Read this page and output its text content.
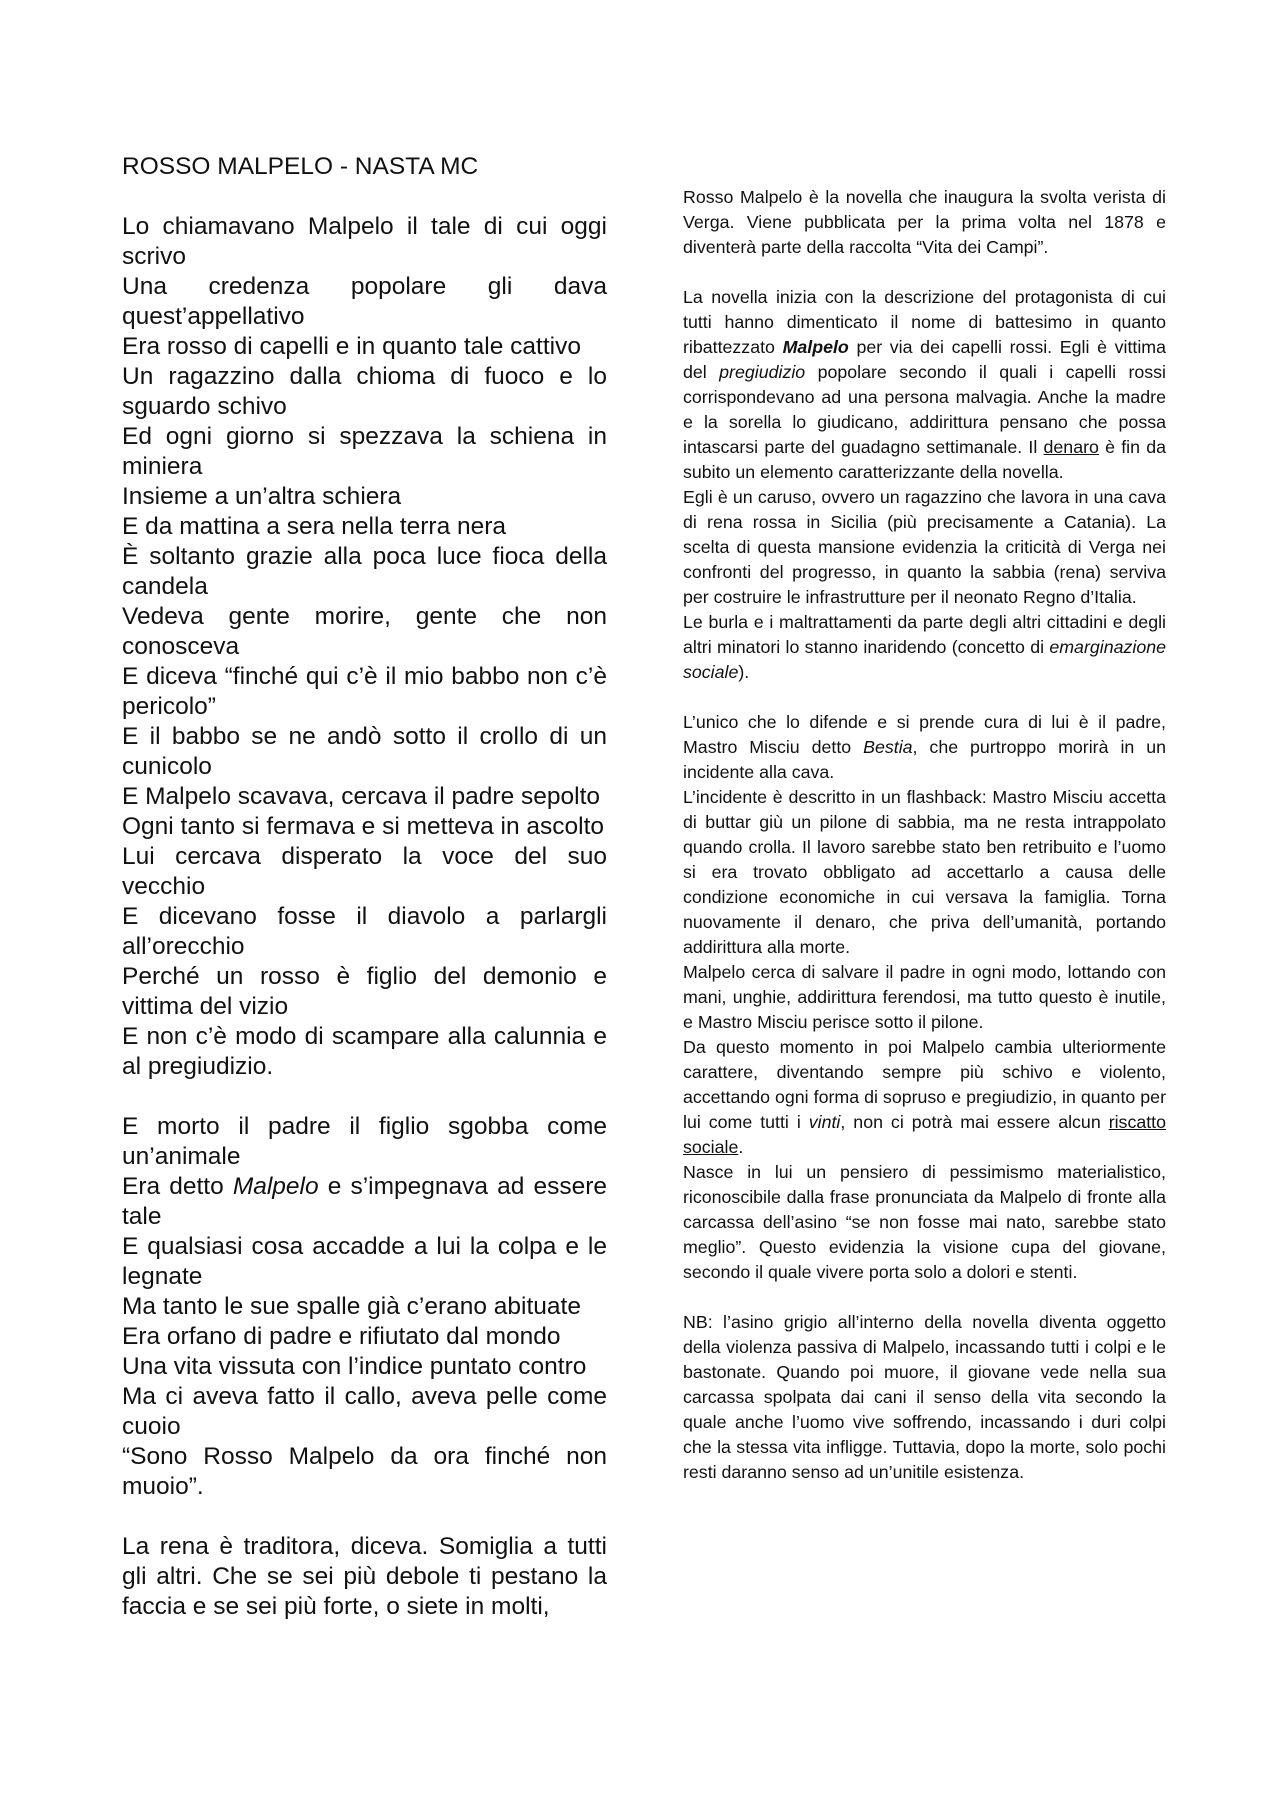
ROSSO MALPELO - NASTA MC
Lo chiamavano Malpelo il tale di cui oggi scrivo
Una credenza popolare gli dava quest’appellativo
Era rosso di capelli e in quanto tale cattivo
Un ragazzino dalla chioma di fuoco e lo sguardo schivo
Ed ogni giorno si spezzava la schiena in miniera
Insieme a un’altra schiera
E da mattina a sera nella terra nera
È soltanto grazie alla poca luce fioca della candela
Vedeva gente morire, gente che non conosceva
E diceva “finché qui c’è il mio babbo non c’è pericolo”
E il babbo se ne andò sotto il crollo di un cunicolo
E Malpelo scavava, cercava il padre sepolto
Ogni tanto si fermava e si metteva in ascolto
Lui cercava disperato la voce del suo vecchio
E dicevano fosse il diavolo a parlargli all’orecchio
Perché un rosso è figlio del demonio e vittima del vizio
E non c’è modo di scampare alla calunnia e al pregiudizio.
E morto il padre il figlio sgobba come un’animale
Era detto Malpelo e s’impegnava ad essere tale
E qualsiasi cosa accadde a lui la colpa e le legnate
Ma tanto le sue spalle già c’erano abituate
Era orfano di padre e rifiutato dal mondo
Una vita vissuta con l’indice puntato contro
Ma ci aveva fatto il callo, aveva pelle come cuoio
“Sono Rosso Malpelo da ora finché non muoio”.
La rena è traditora, diceva. Somiglia a tutti gli altri. Che se sei più debole ti pestano la faccia e se sei più forte, o siete in molti,

Rosso Malpelo è la novella che inaugura la svolta verista di Verga. Viene pubblicata per la prima volta nel 1878 e diventerà parte della raccolta “Vita dei Campi”.

La novella inizia con la descrizione del protagonista di cui tutti hanno dimenticato il nome di battesimo in quanto ribattezzato Malpelo per via dei capelli rossi. Egli è vittima del pregiudizio popolare secondo il quali i capelli rossi corrispondevano ad una persona malvagia. Anche la madre e la sorella lo giudicano, addirittura pensano che possa intascarsi parte del guadagno settimanale. Il denaro è fin da subito un elemento caratterizzante della novella.

Egli è un caruso, ovvero un ragazzino che lavora in una cava di rena rossa in Sicilia (più precisamente a Catania). La scelta di questa mansione evidenzia la criticità di Verga nei confronti del progresso, in quanto la sabbia (rena) serviva per costruire le infrastrutture per il neonato Regno d’Italia.

Le burla e i maltrattamenti da parte degli altri cittadini e degli altri minatori lo stanno inaridendo (concetto di emarginazione sociale).

L’unico che lo difende e si prende cura di lui è il padre, Mastro Misciu detto Bestia, che purtroppo morirà in un incidente alla cava.

L’incidente è descritto in un flashback: Mastro Misciu accetta di buttar giù un pilone di sabbia, ma ne resta intrappolato quando crolla. Il lavoro sarebbe stato ben retribuito e l’uomo si era trovato obbligato ad accettarlo a causa delle condizione economiche in cui versava la famiglia. Torna nuovamente il denaro, che priva dell’umanità, portando addirittura alla morte.

Malpelo cerca di salvare il padre in ogni modo, lottando con mani, unghie, addirittura ferendosi, ma tutto questo è inutile, e Mastro Misciu perisce sotto il pilone.

Da questo momento in poi Malpelo cambia ulteriormente carattere, diventando sempre più schivo e violento, accettando ogni forma di sopruso e pregiudizio, in quanto per lui come tutti i vinti, non ci potrà mai essere alcun riscatto sociale.

Nasce in lui un pensiero di pessimismo materialistico, riconoscibile dalla frase pronunciata da Malpelo di fronte alla carcassa dell’asino “se non fosse mai nato, sarebbe stato meglio”. Questo evidenzia la visione cupa del giovane, secondo il quale vivere porta solo a dolori e stenti.

NB: l’asino grigio all’interno della novella diventa oggetto della violenza passiva di Malpelo, incassando tutti i colpi e le bastonate. Quando poi muore, il giovane vede nella sua carcassa spolpata dai cani il senso della vita secondo la quale anche l’uomo vive soffrendo, incassando i duri colpi che la stessa vita infligge. Tuttavia, dopo la morte, solo pochi resti daranno senso ad un’unitile esistenza.
